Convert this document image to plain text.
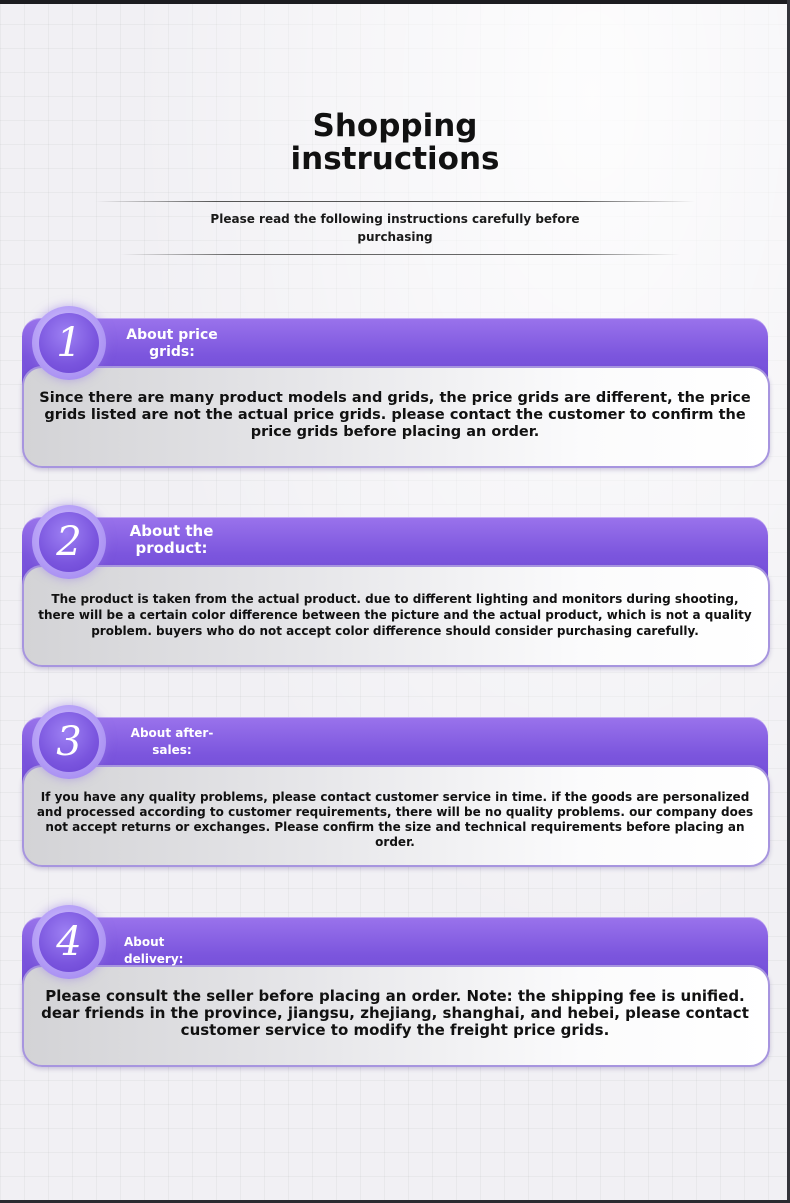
Shopping
instructions
Please read the following instructions carefully before purchasing
1	About price grids:
Since there are many product models and grids, the price grids are different, the price grids listed are not the actual price grids. please contact the customer to confirm the price grids before placing an order.
2	About the product:
The product is taken from the actual product. due to different lighting and monitors during shooting, there will be a certain color difference between the picture and the actual product, which is not a quality problem. buyers who do not accept color difference should consider purchasing carefully.
3	About after-sales:
If you have any quality problems, please contact customer service in time. if the goods are personalized and processed according to customer requirements, there will be no quality problems. our company does not accept returns or exchanges. Please confirm the size and technical requirements before placing an order.
4	About delivery:
Please consult the seller before placing an order. Note: the shipping fee is unified. dear friends in the province, jiangsu, zhejiang, shanghai, and hebei, please contact customer service to modify the freight price grids.
